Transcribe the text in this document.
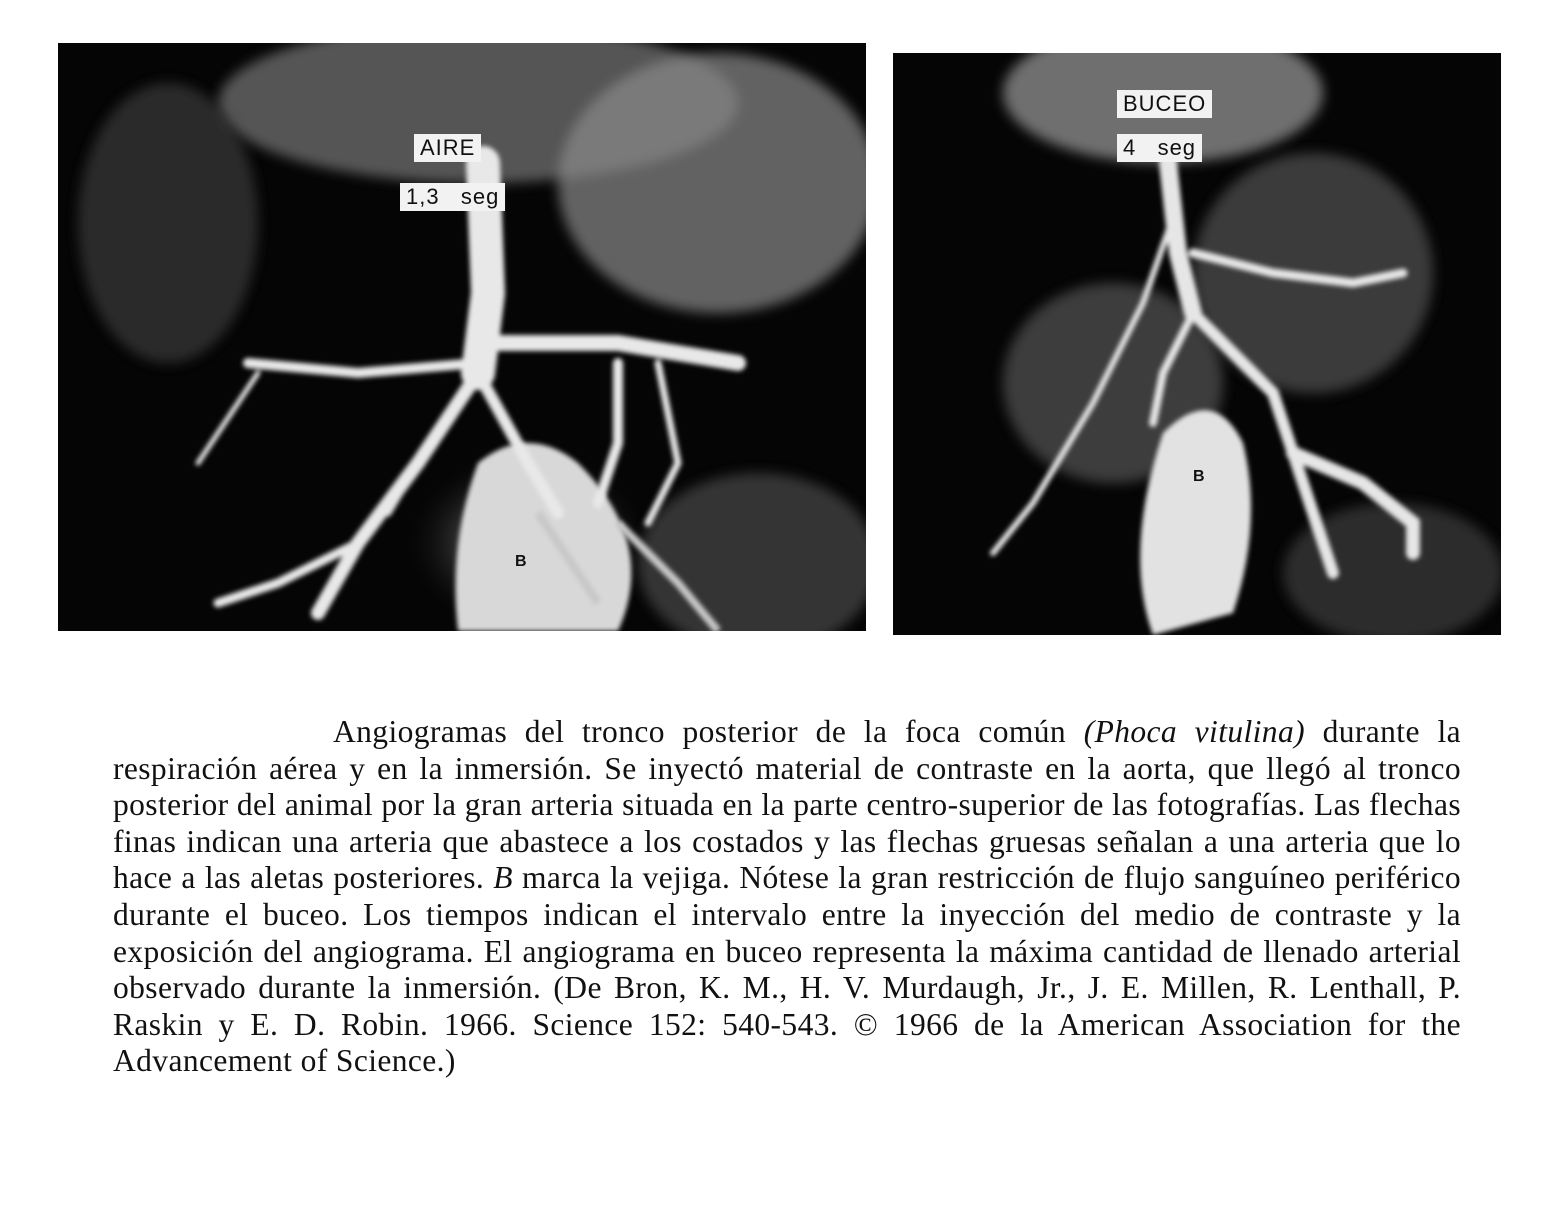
AIRE
1,3   seg
B
BUCEO
4   seg
B
Angiogramas del tronco posterior de la foca común (Phoca vitulina) durante la respiración aérea y en la inmersión. Se inyectó material de contraste en la aorta, que llegó al tronco posterior del animal por la gran arteria situada en la parte centro-superior de las fotografías. Las flechas finas indican una arteria que abastece a los costados y las flechas gruesas señalan a una arteria que lo hace a las aletas posteriores. B marca la vejiga. Nótese la gran restricción de flujo sanguíneo periférico durante el buceo. Los tiempos indican el intervalo entre la inyección del medio de contraste y la exposición del angiograma. El angiograma en buceo representa la máxima cantidad de llenado arterial observado durante la inmersión. (De Bron, K. M., H. V. Murdaugh, Jr., J. E. Millen, R. Lenthall, P. Raskin y E. D. Robin. 1966. Science 152: 540-543. © 1966 de la American Association for the Advancement of Science.)
